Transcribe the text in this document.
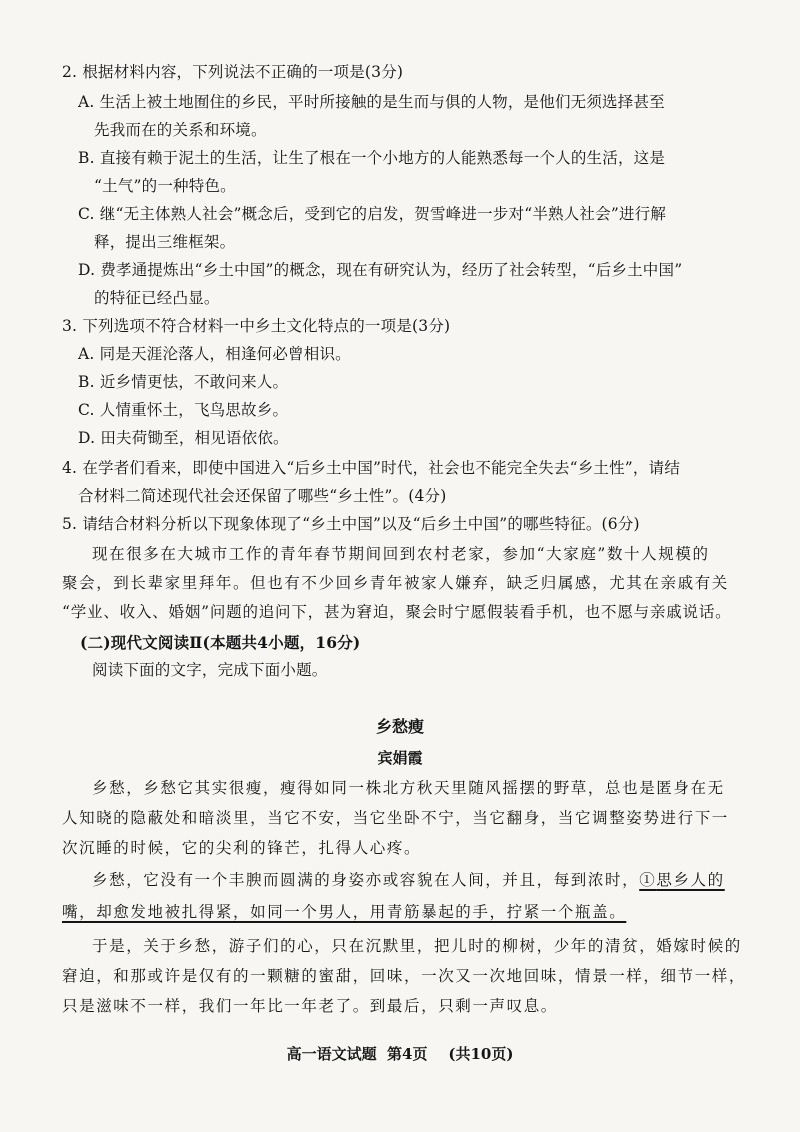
2. 根据材料内容，下列说法不正确的一项是(3分)
A. 生活上被土地囿住的乡民，平时所接触的是生而与俱的人物，是他们无须选择甚至
先我而在的关系和环境。
B. 直接有赖于泥土的生活，让生了根在一个小地方的人能熟悉每一个人的生活，这是
“土气”的一种特色。
C. 继“无主体熟人社会”概念后，受到它的启发，贺雪峰进一步对“半熟人社会”进行解
释，提出三维框架。
D. 费孝通提炼出“乡土中国”的概念，现在有研究认为，经历了社会转型，“后乡土中国”
的特征已经凸显。
3. 下列选项不符合材料一中乡土文化特点的一项是(3分)
A. 同是天涯沦落人，相逢何必曾相识。
B. 近乡情更怯，不敢问来人。
C. 人情重怀土，飞鸟思故乡。
D. 田夫荷锄至，相见语依依。
4. 在学者们看来，即使中国进入“后乡土中国”时代，社会也不能完全失去“乡土性”，请结
合材料二简述现代社会还保留了哪些“乡土性”。(4分)
5. 请结合材料分析以下现象体现了“乡土中国”以及“后乡土中国”的哪些特征。(6分)
现在很多在大城市工作的青年春节期间回到农村老家，参加“大家庭”数十人规模的
聚会，到长辈家里拜年。但也有不少回乡青年被家人嫌弃，缺乏归属感，尤其在亲戚有关
“学业、收入、婚姻”问题的追问下，甚为窘迫，聚会时宁愿假装看手机，也不愿与亲戚说话。
(二)现代文阅读Ⅱ(本题共4小题，16分)
阅读下面的文字，完成下面小题。
乡愁瘦
宾娟霞
乡愁，乡愁它其实很瘦，瘦得如同一株北方秋天里随风摇摆的野草，总也是匿身在无
人知晓的隐蔽处和暗淡里，当它不安，当它坐卧不宁，当它翻身，当它调整姿势进行下一
次沉睡的时候，它的尖利的锋芒，扎得人心疼。
乡愁，它没有一个丰腴而圆满的身姿亦或容貌在人间，并且，每到浓时，①思乡人的
嘴，却愈发地被扎得紧，如同一个男人，用青筋暴起的手，拧紧一个瓶盖。
于是，关于乡愁，游子们的心，只在沉默里，把儿时的柳树，少年的清贫，婚嫁时候的
窘迫，和那或许是仅有的一颗糖的蜜甜，回味，一次又一次地回味，情景一样，细节一样，
只是滋味不一样，我们一年比一年老了。到最后，只剩一声叹息。
高一语文试题  第4页    (共10页)
